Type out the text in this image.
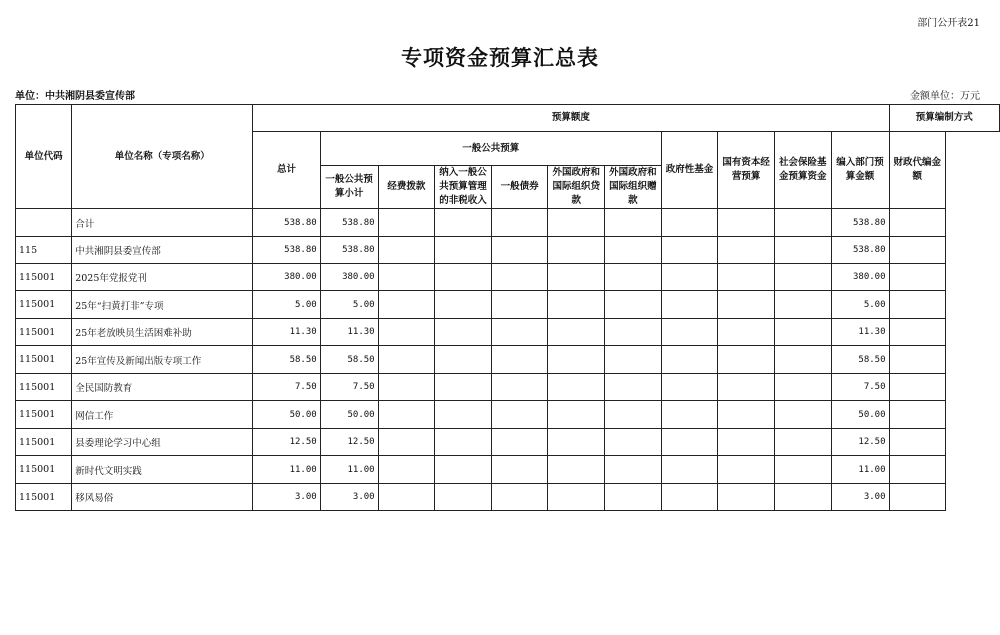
部门公开表21
专项资金预算汇总表
单位：中共湘阴县委宣传部	金额单位：万元
单位代码	单位名称（专项名称）	预算额度											预算编制方式
		总计	一般公共预算						政府性基金	国有资本经营预算	社会保险基金预算资金	编入部门预算金额	财政代编金额
			一般公共预算小计	经费拨款	纳入一般公共预算管理的非税收入	一般债券	外国政府和国际组织贷款	外国政府和国际组织赠款					
	合计	538.80	538.80									538.80	
115	中共湘阴县委宣传部	538.80	538.80									538.80	
115001	2025年党报党刊	380.00	380.00									380.00	
115001	25年“扫黄打非”专项	5.00	5.00									5.00	
115001	25年老放映员生活困难补助	11.30	11.30									11.30	
115001	25年宣传及新闻出版专项工作	58.50	58.50									58.50	
115001	全民国防教育	7.50	7.50									7.50	
115001	网信工作	50.00	50.00									50.00	
115001	县委理论学习中心组	12.50	12.50									12.50	
115001	新时代文明实践	11.00	11.00									11.00	
115001	移风易俗	3.00	3.00									3.00	
